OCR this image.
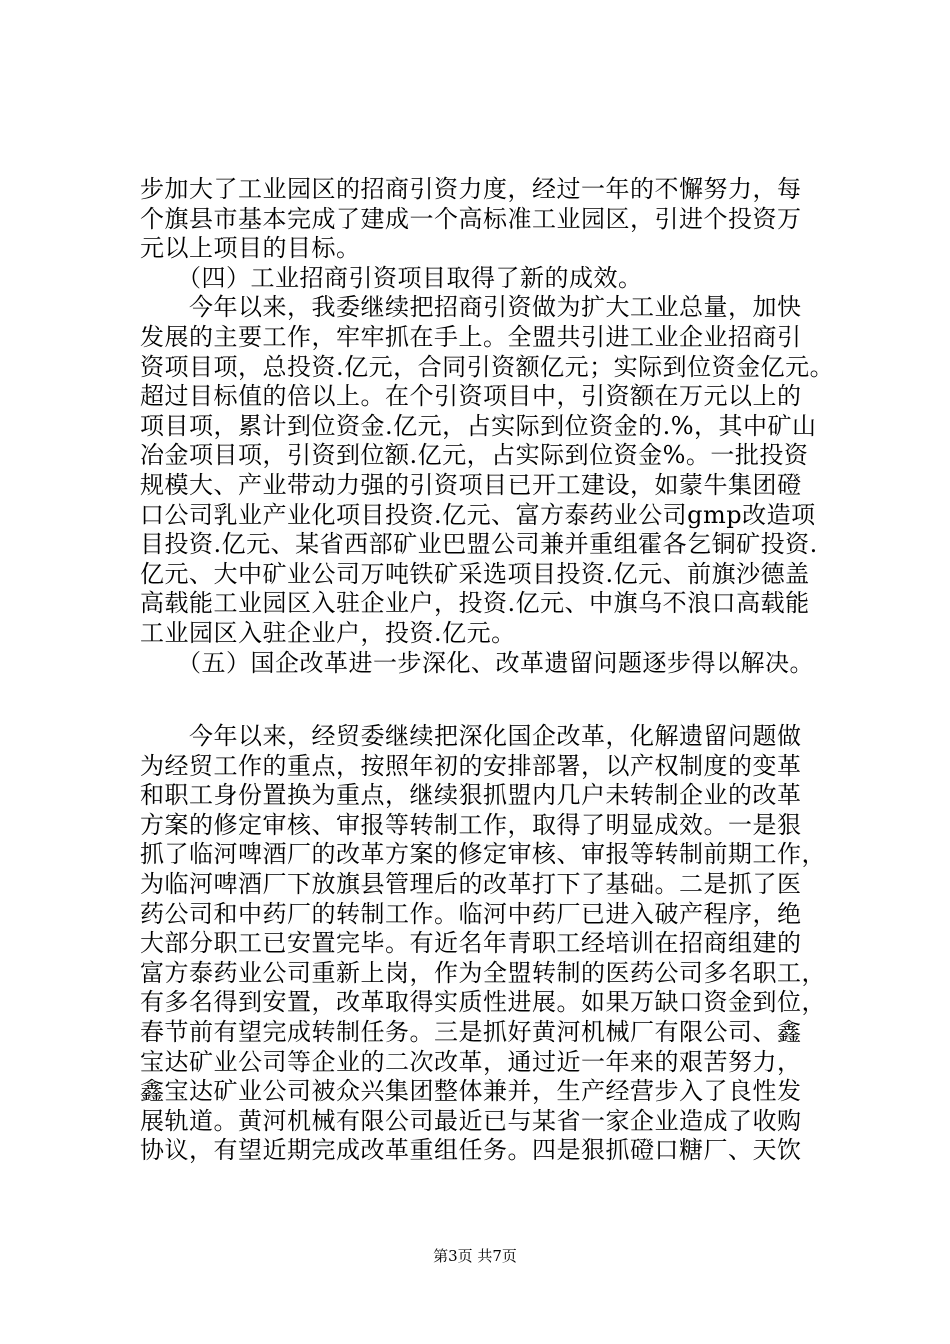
步加大了工业园区的招商引资力度，经过一年的不懈努力，每
个旗县市基本完成了建成一个高标准工业园区，引进个投资万
元以上项目的目标。
　　（四）工业招商引资项目取得了新的成效。
　　今年以来，我委继续把招商引资做为扩大工业总量，加快
发展的主要工作，牢牢抓在手上。全盟共引进工业企业招商引
资项目项，总投资.亿元，合同引资额亿元；实际到位资金亿元。
超过目标值的倍以上。在个引资项目中，引资额在万元以上的
项目项，累计到位资金.亿元，占实际到位资金的.%，其中矿山
冶金项目项，引资到位额.亿元，占实际到位资金%。一批投资
规模大、产业带动力强的引资项目已开工建设，如蒙牛集团磴
口公司乳业产业化项目投资.亿元、富方泰药业公司gmp改造项
目投资.亿元、某省西部矿业巴盟公司兼并重组霍各乞铜矿投资.
亿元、大中矿业公司万吨铁矿采选项目投资.亿元、前旗沙德盖
高载能工业园区入驻企业户，投资.亿元、中旗乌不浪口高载能
工业园区入驻企业户，投资.亿元。
　　（五）国企改革进一步深化、改革遗留问题逐步得以解决。
　　今年以来，经贸委继续把深化国企改革，化解遗留问题做
为经贸工作的重点，按照年初的安排部署，以产权制度的变革
和职工身份置换为重点，继续狠抓盟内几户未转制企业的改革
方案的修定审核、审报等转制工作，取得了明显成效。一是狠
抓了临河啤酒厂的改革方案的修定审核、审报等转制前期工作，
为临河啤酒厂下放旗县管理后的改革打下了基础。二是抓了医
药公司和中药厂的转制工作。临河中药厂已进入破产程序，绝
大部分职工已安置完毕。有近名年青职工经培训在招商组建的
富方泰药业公司重新上岗，作为全盟转制的医药公司多名职工，
有多名得到安置，改革取得实质性进展。如果万缺口资金到位，
春节前有望完成转制任务。三是抓好黄河机械厂有限公司、鑫
宝达矿业公司等企业的二次改革，通过近一年来的艰苦努力，
鑫宝达矿业公司被众兴集团整体兼并，生产经营步入了良性发
展轨道。黄河机械有限公司最近已与某省一家企业造成了收购
协议，有望近期完成改革重组任务。四是狠抓磴口糖厂、天饮
第3页 共7页
